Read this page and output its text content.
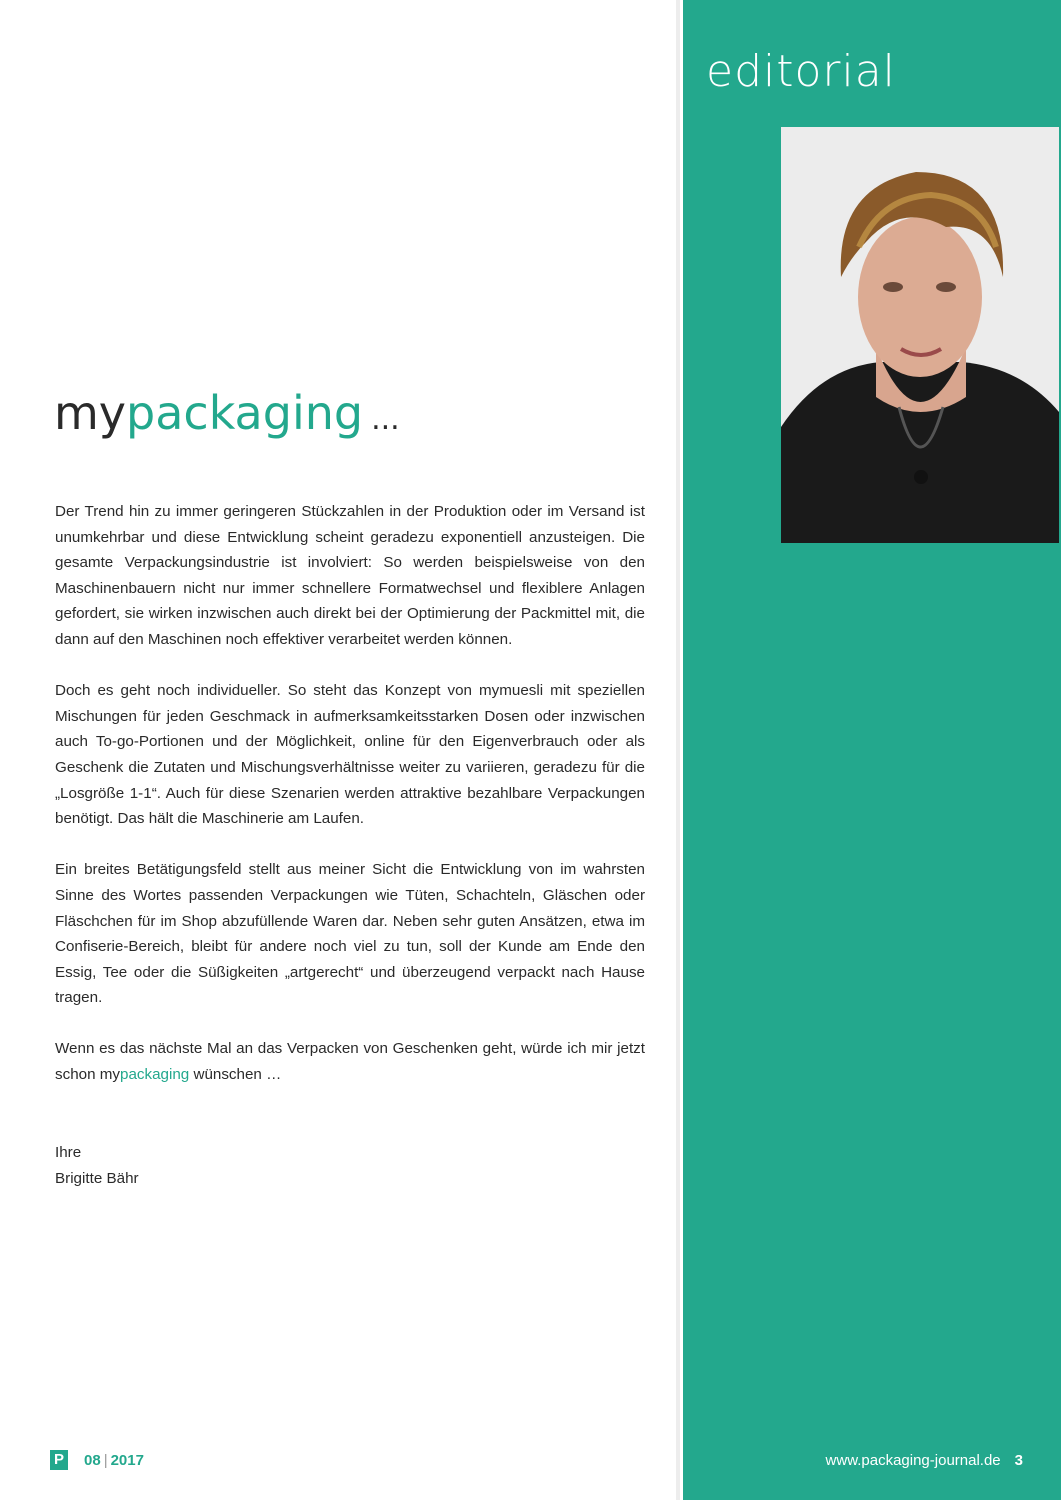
editorial
mypackaging ...

Der Trend hin zu immer geringeren Stückzahlen in der Produktion oder im Versand ist unumkehrbar und diese Entwicklung scheint geradezu exponentiell anzusteigen. Die gesamte Verpackungsindustrie ist involviert: So werden beispielsweise von den Maschinenbauern nicht nur immer schnellere Formatwechsel und flexiblere Anlagen gefordert, sie wirken inzwischen auch direkt bei der Optimierung der Packmittel mit, die dann auf den Maschinen noch effektiver verarbeitet werden können.

Doch es geht noch individueller. So steht das Konzept von mymuesli mit speziellen Mischungen für jeden Geschmack in aufmerksamkeitsstarken Dosen oder inzwischen auch To-go-Portionen und der Möglichkeit, online für den Eigenverbrauch oder als Geschenk die Zutaten und Mischungsverhältnisse weiter zu variieren, geradezu für die „Losgröße 1-1“. Auch für diese Szenarien werden attraktive bezahlbare Verpackungen benötigt. Das hält die Maschinerie am Laufen.

Ein breites Betätigungsfeld stellt aus meiner Sicht die Entwicklung von im wahrsten Sinne des Wortes passenden Verpackungen wie Tüten, Schachteln, Gläschen oder Fläschchen für im Shop abzufüllende Waren dar. Neben sehr guten Ansätzen, etwa im Confiserie-Bereich, bleibt für andere noch viel zu tun, soll der Kunde am Ende den Essig, Tee oder die Süßigkeiten „artgerecht“ und überzeugend verpackt nach Hause tragen.

Wenn es das nächste Mal an das Verpacken von Geschenken geht, würde ich mir jetzt schon mypackaging wünschen …

Ihre
Brigitte Bähr
P 08 | 2017	www.packaging-journal.de 3
